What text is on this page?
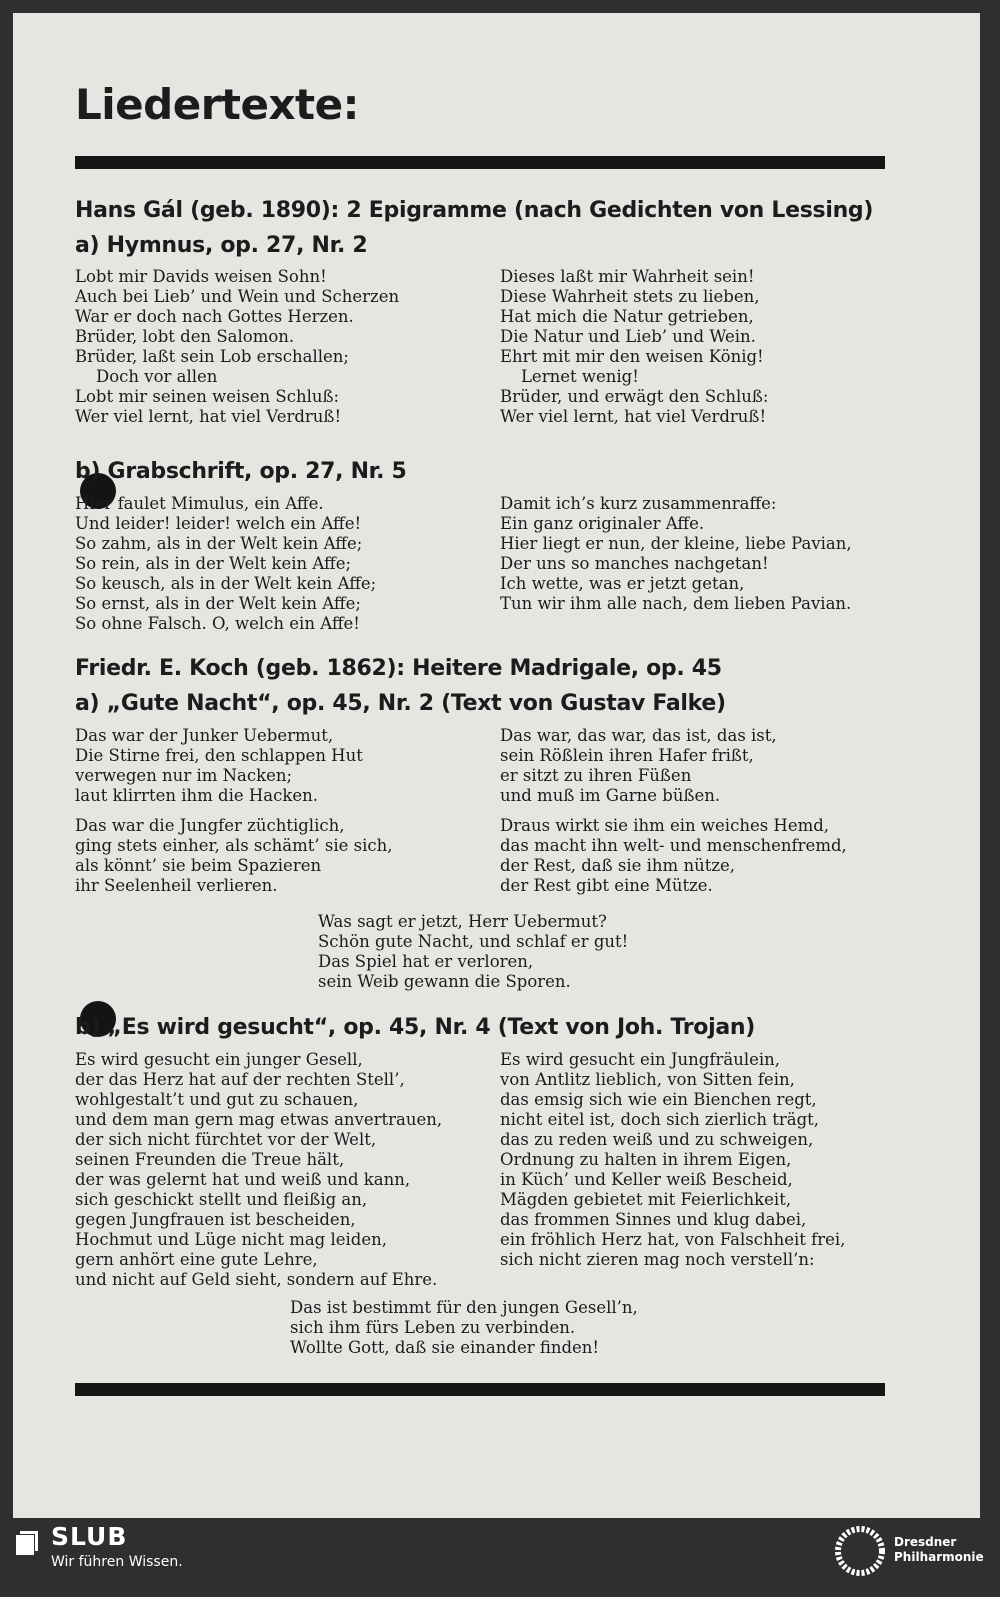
Liedertexte:
Hans Gál (geb. 1890): 2 Epigramme (nach Gedichten von Lessing)
a) Hymnus, op. 27, Nr. 2
Lobt mir Davids weisen Sohn!
Auch bei Lieb’ und Wein und Scherzen
War er doch nach Gottes Herzen.
Brüder, lobt den Salomon.
Brüder, laßt sein Lob erschallen;
Doch vor allen
Lobt mir seinen weisen Schluß:
Wer viel lernt, hat viel Verdruß!
Dieses laßt mir Wahrheit sein!
Diese Wahrheit stets zu lieben,
Hat mich die Natur getrieben,
Die Natur und Lieb’ und Wein.
Ehrt mit mir den weisen König!
Lernet wenig!
Brüder, und erwägt den Schluß:
Wer viel lernt, hat viel Verdruß!
b) Grabschrift, op. 27, Nr. 5
Hier faulet Mimulus, ein Affe.
Und leider! leider! welch ein Affe!
So zahm, als in der Welt kein Affe;
So rein, als in der Welt kein Affe;
So keusch, als in der Welt kein Affe;
So ernst, als in der Welt kein Affe;
So ohne Falsch. O, welch ein Affe!
Damit ich’s kurz zusammenraffe:
Ein ganz originaler Affe.
Hier liegt er nun, der kleine, liebe Pavian,
Der uns so manches nachgetan!
Ich wette, was er jetzt getan,
Tun wir ihm alle nach, dem lieben Pavian.
Friedr. E. Koch (geb. 1862): Heitere Madrigale, op. 45
a) „Gute Nacht“, op. 45, Nr. 2 (Text von Gustav Falke)
Das war der Junker Uebermut,
Die Stirne frei, den schlappen Hut
verwegen nur im Nacken;
laut klirrten ihm die Hacken.
Das war, das war, das ist, das ist,
sein Rößlein ihren Hafer frißt,
er sitzt zu ihren Füßen
und muß im Garne büßen.
Das war die Jungfer züchtiglich,
ging stets einher, als schämt’ sie sich,
als könnt’ sie beim Spazieren
ihr Seelenheil verlieren.
Draus wirkt sie ihm ein weiches Hemd,
das macht ihn welt- und menschenfremd,
der Rest, daß sie ihm nütze,
der Rest gibt eine Mütze.
Was sagt er jetzt, Herr Uebermut?
Schön gute Nacht, und schlaf er gut!
Das Spiel hat er verloren,
sein Weib gewann die Sporen.
b) „Es wird gesucht“, op. 45, Nr. 4 (Text von Joh. Trojan)
Es wird gesucht ein junger Gesell,
der das Herz hat auf der rechten Stell’,
wohlgestalt’t und gut zu schauen,
und dem man gern mag etwas anvertrauen,
der sich nicht fürchtet vor der Welt,
seinen Freunden die Treue hält,
der was gelernt hat und weiß und kann,
sich geschickt stellt und fleißig an,
gegen Jungfrauen ist bescheiden,
Hochmut und Lüge nicht mag leiden,
gern anhört eine gute Lehre,
und nicht auf Geld sieht, sondern auf Ehre.
Es wird gesucht ein Jungfräulein,
von Antlitz lieblich, von Sitten fein,
das emsig sich wie ein Bienchen regt,
nicht eitel ist, doch sich zierlich trägt,
das zu reden weiß und zu schweigen,
Ordnung zu halten in ihrem Eigen,
in Küch’ und Keller weiß Bescheid,
Mägden gebietet mit Feierlichkeit,
das frommen Sinnes und klug dabei,
ein fröhlich Herz hat, von Falschheit frei,
sich nicht zieren mag noch verstell’n:
Das ist bestimmt für den jungen Gesell’n,
sich ihm fürs Leben zu verbinden.
Wollte Gott, daß sie einander finden!
SLUB
Wir führen Wissen.
Dresdner
Philharmonie
